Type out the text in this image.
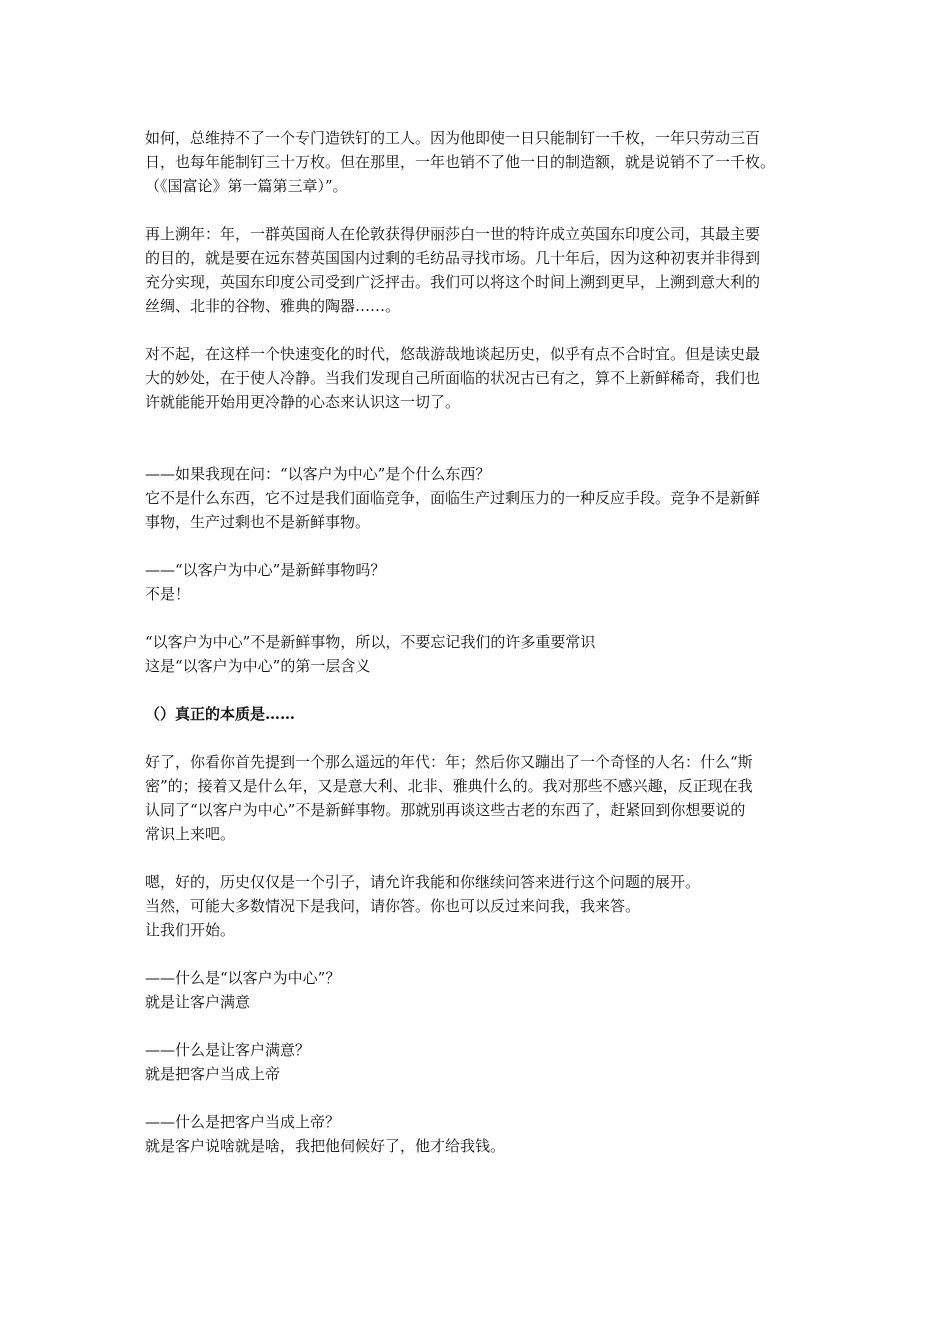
如何，总维持不了一个专门造铁钉的工人。因为他即使一日只能制钉一千枚，一年只劳动三百
日，也每年能制钉三十万枚。但在那里，一年也销不了他一日的制造额，就是说销不了一千枚。
（《国富论》第一篇第三章）”。
再上溯年：年，一群英国商人在伦敦获得伊丽莎白一世的特许成立英国东印度公司，其最主要
的目的，就是要在远东替英国国内过剩的毛纺品寻找市场。几十年后，因为这种初衷并非得到
充分实现，英国东印度公司受到广泛抨击。我们可以将这个时间上溯到更早，上溯到意大利的
丝绸、北非的谷物、雅典的陶器……。
对不起，在这样一个快速变化的时代，悠哉游哉地谈起历史，似乎有点不合时宜。但是读史最
大的妙处，在于使人冷静。当我们发现自己所面临的状况古已有之，算不上新鲜稀奇，我们也
许就能能开始用更冷静的心态来认识这一切了。
——如果我现在问：“以客户为中心”是个什么东西？
它不是什么东西，它不过是我们面临竞争，面临生产过剩压力的一种反应手段。竞争不是新鲜
事物，生产过剩也不是新鲜事物。
——“以客户为中心”是新鲜事物吗？
不是！
“以客户为中心”不是新鲜事物，所以，不要忘记我们的许多重要常识
这是“以客户为中心”的第一层含义
（）真正的本质是……
好了，你看你首先提到一个那么遥远的年代：年；然后你又蹦出了一个奇怪的人名：什么“斯
密”的；接着又是什么年，又是意大利、北非、雅典什么的。我对那些不感兴趣，反正现在我
认同了“以客户为中心”不是新鲜事物。那就别再谈这些古老的东西了，赶紧回到你想要说的
常识上来吧。
嗯，好的，历史仅仅是一个引子，请允许我能和你继续问答来进行这个问题的展开。
当然，可能大多数情况下是我问，请你答。你也可以反过来问我，我来答。
让我们开始。
——什么是“以客户为中心”？
就是让客户满意
——什么是让客户满意？
就是把客户当成上帝
——什么是把客户当成上帝？
就是客户说啥就是啥，我把他伺候好了，他才给我钱。
